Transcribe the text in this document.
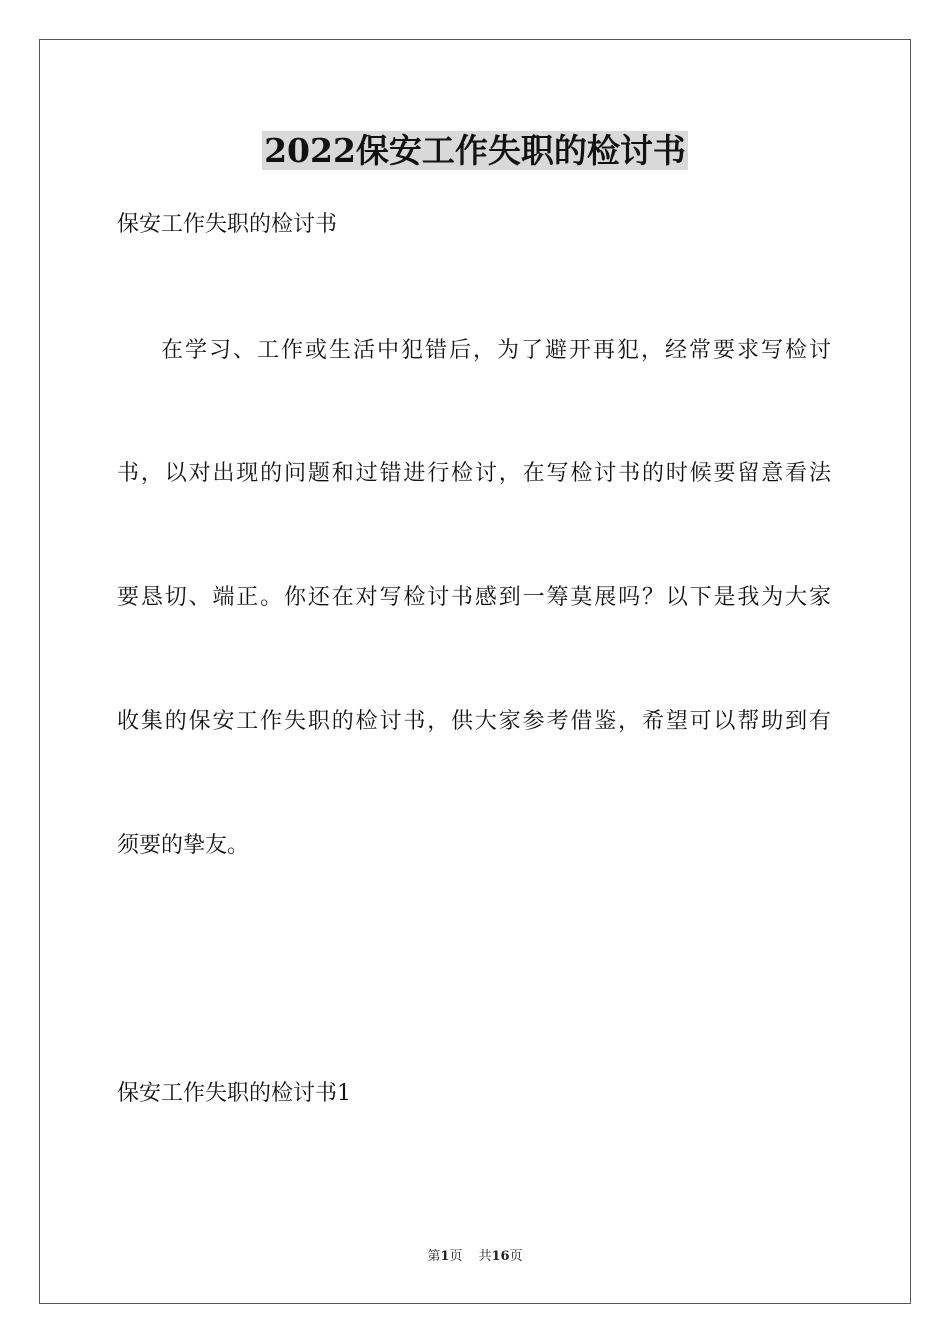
2022保安工作失职的检讨书

保安工作失职的检讨书

在学习、工作或生活中犯错后，为了避开再犯，经常要求写检讨

书，以对出现的问题和过错进行检讨，在写检讨书的时候要留意看法

要恳切、端正。你还在对写检讨书感到一筹莫展吗？以下是我为大家

收集的保安工作失职的检讨书，供大家参考借鉴，希望可以帮助到有

须要的挚友。

保安工作失职的检讨书1

第1页 共16页
